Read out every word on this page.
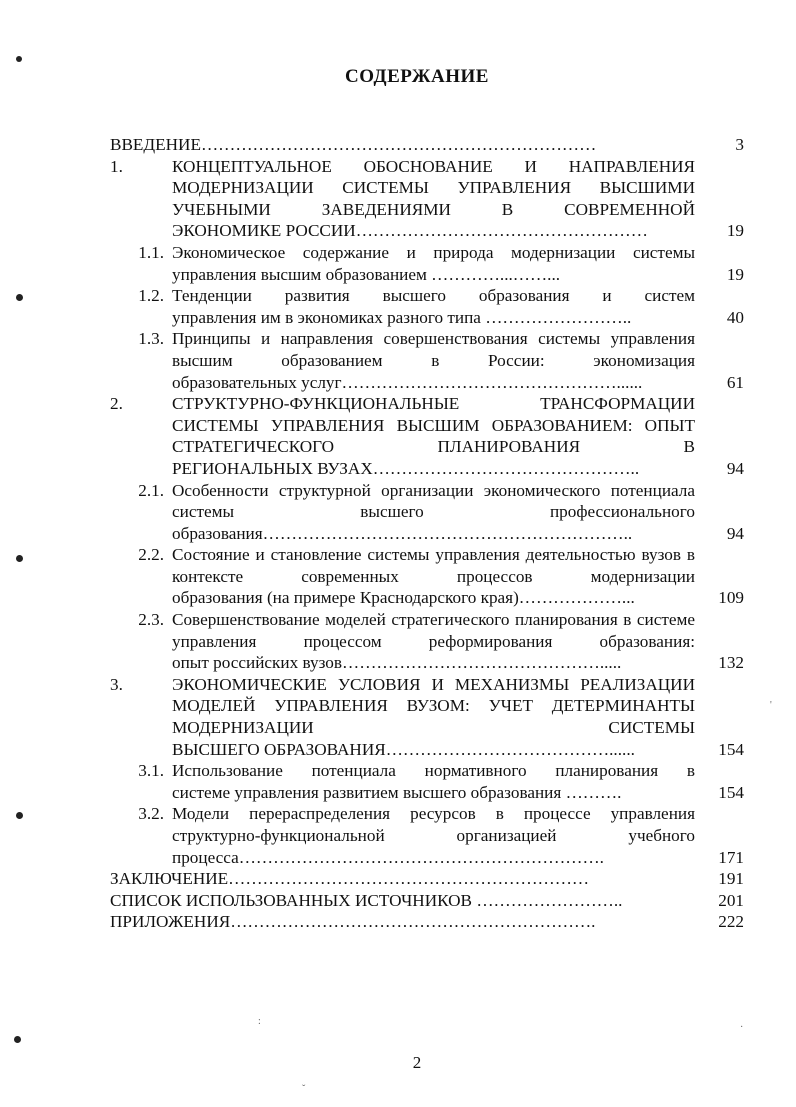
:
·
ˇ
'
СОДЕРЖАНИЕ
ВВЕДЕНИЕ……………………………………………………………	3
1.	КОНЦЕПТУАЛЬНОЕ ОБОСНОВАНИЕ И НАПРАВЛЕНИЯ МОДЕРНИЗАЦИИ СИСТЕМЫ УПРАВЛЕНИЯ ВЫСШИМИ УЧЕБНЫМИ ЗАВЕДЕНИЯМИ В СОВРЕМЕННОЙ
ЭКОНОМИКЕ РОССИИ……………………………………………	19
1.1. Экономическое содержание и природа модернизации системы
управления высшим образованием …………...……...	19
1.2. Тенденции развития высшего образования и систем
управления им в экономиках разного типа ……………………..	40
1.3. Принципы и направления совершенствования системы управления высшим образованием в России: экономизация
образовательных услуг…………………………………………......	61
2.	СТРУКТУРНО-ФУНКЦИОНАЛЬНЫЕ ТРАНСФОРМАЦИИ СИСТЕМЫ УПРАВЛЕНИЯ ВЫСШИМ ОБРАЗОВАНИЕМ: ОПЫТ СТРАТЕГИЧЕСКОГО ПЛАНИРОВАНИЯ В
РЕГИОНАЛЬНЫХ ВУЗАХ………………………………………..	94
2.1. Особенности структурной организации экономического потенциала системы высшего профессионального
образования………………………………………………………..	94
2.2. Состояние и становление системы управления деятельностью вузов в контексте современных процессов модернизации
образования (на примере Краснодарского края)………………...	109
2.3. Совершенствование моделей стратегического планирования в системе управления процессом реформирования образования:
опыт российских вузов……………………………………….....	132
3.	ЭКОНОМИЧЕСКИЕ УСЛОВИЯ И МЕХАНИЗМЫ РЕАЛИЗАЦИИ МОДЕЛЕЙ УПРАВЛЕНИЯ ВУЗОМ: УЧЕТ ДЕТЕРМИНАНТЫ МОДЕРНИЗАЦИИ СИСТЕМЫ
ВЫСШЕГО ОБРАЗОВАНИЯ…………………………………......	154
3.1. Использование потенциала нормативного планирования в
системе управления развитием высшего образования ……….	154
3.2. Модели перераспределения ресурсов в процессе управления структурно-функциональной организацией учебного
процесса……………………………………………………….	171
ЗАКЛЮЧЕНИЕ………………………………………………………	191
СПИСОК ИСПОЛЬЗОВАННЫХ ИСТОЧНИКОВ ……………………..	201
ПРИЛОЖЕНИЯ……………………………………………………….	222
2
